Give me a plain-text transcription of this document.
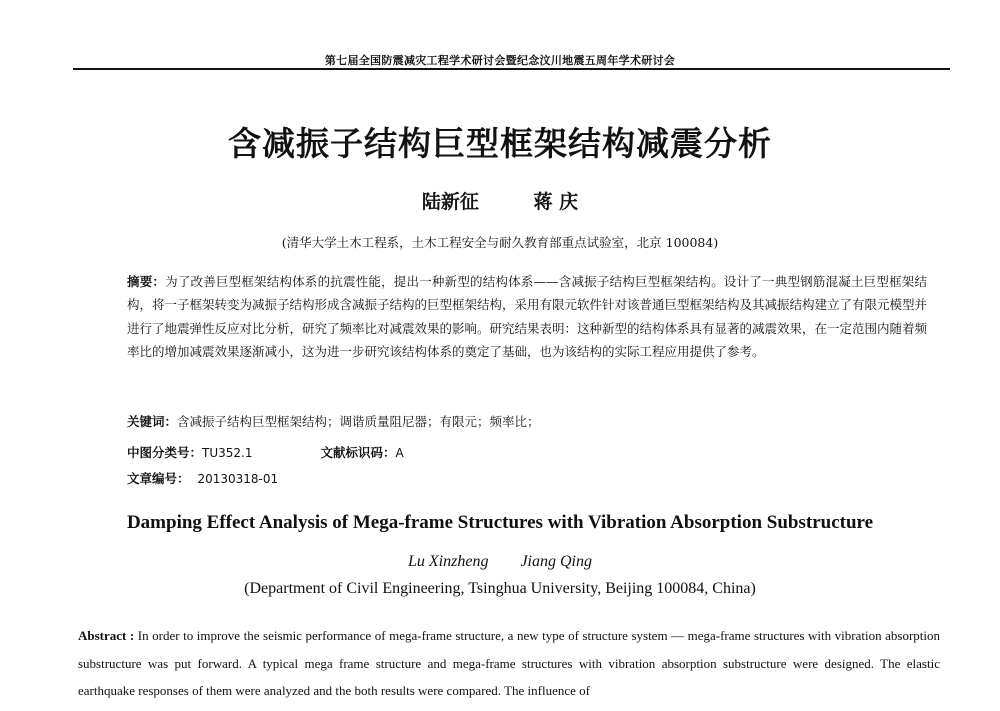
第七届全国防震减灾工程学术研讨会暨纪念汶川地震五周年学术研讨会
含减振子结构巨型框架结构减震分析
陆新征	蒋 庆
(清华大学土木工程系，土木工程安全与耐久教育部重点试验室，北京 100084)

摘要：为了改善巨型框架结构体系的抗震性能，提出一种新型的结构体系——含减振子结构巨型框架结构。设计了一典型钢筋混凝土巨型框架结构，将一子框架转变为减振子结构形成含减振子结构的巨型框架结构，采用有限元软件针对该普通巨型框架结构及其减振结构建立了有限元模型并进行了地震弹性反应对比分析，研究了频率比对减震效果的影响。研究结果表明：这种新型的结构体系具有显著的减震效果，在一定范围内随着频率比的增加减震效果逐渐减小，这为进一步研究该结构体系的奠定了基础，也为该结构的实际工程应用提供了参考。

关键词：含减振子结构巨型框架结构；调谐质量阻尼器；有限元；频率比；
中图分类号：TU352.1	文献标识码：A
文章编号： 20130318-01
Damping Effect Analysis of Mega-frame Structures with Vibration Absorption Substructure
Lu Xinzheng Jiang Qing
(Department of Civil Engineering, Tsinghua University, Beijing 100084, China)

Abstract : In order to improve the seismic performance of mega-frame structure, a new type of structure system — mega-frame structures with vibration absorption substructure was put forward. A typical mega frame structure and mega-frame structures with vibration absorption substructure were designed. The elastic earthquake responses of them were analyzed and the both results were compared. The influence of
